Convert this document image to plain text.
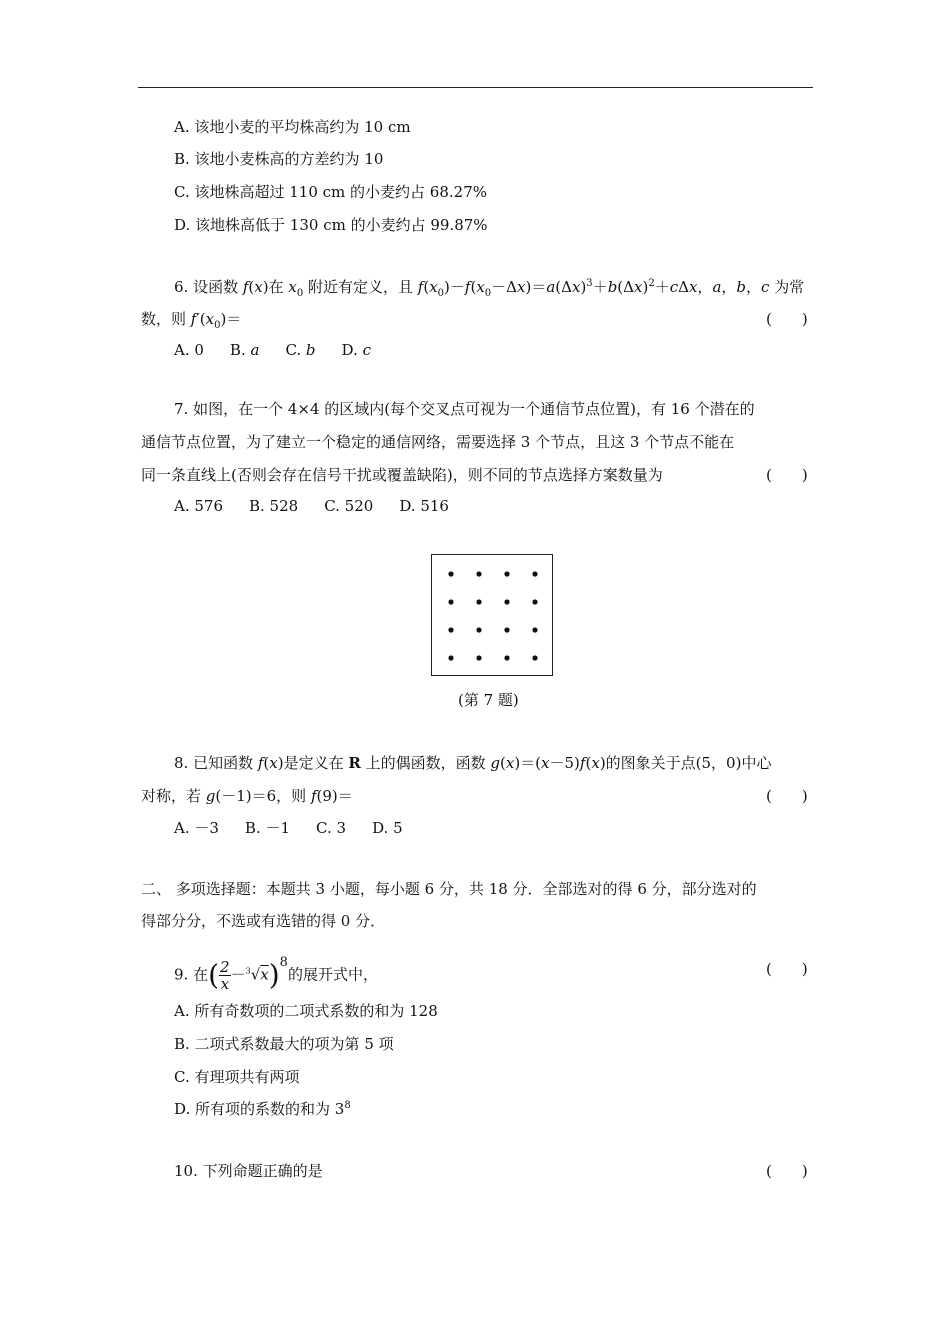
A. 该地小麦的平均株高约为 10 cm
B. 该地小麦株高的方差约为 10
C. 该地株高超过 110 cm 的小麦约占 68.27%
D. 该地株高低于 130 cm 的小麦约占 99.87%
6. 设函数 f(x)在 $x_0$ 附近有定义，且 $f(x_0)-f(x_0-\Delta x)=a(\Delta x)^3+b(\Delta x)^2+c\Delta x$，a，b，c 为常
数，则 $f'(x_0)=$	(　　)
A. 0 B. a C. b D. c
7. 如图，在一个 4×4 的区域内(每个交叉点可视为一个通信节点位置)，有 16 个潜在的
通信节点位置，为了建立一个稳定的通信网络，需要选择 3 个节点，且这 3 个节点不能在
同一条直线上(否则会存在信号干扰或覆盖缺陷)，则不同的节点选择方案数量为	(　　)
A. 576 B. 528 C. 520 D. 516
(第 7 题)
8. 已知函数 f(x)是定义在 R 上的偶函数，函数 g(x)＝(x－5)f(x)的图象关于点(5，0)中心
对称，若 g(－1)＝6，则 f(9)＝	(　　)
A. －3 B. －1 C. 3 D. 5
二、 多项选择题：本题共 3 小题，每小题 6 分，共 18 分．全部选对的得 6 分，部分选对的
得部分分，不选或有选错的得 0 分．
9. 在( $\frac{2}{x} -^3√x)^8$的展开式中，	(　　)
A. 所有奇数项的二项式系数的和为 128
B. 二项式系数最大的项为第 5 项
C. 有理项共有两项
D. 所有项的系数的和为 $3^8$
10. 下列命题正确的是	(　　)
